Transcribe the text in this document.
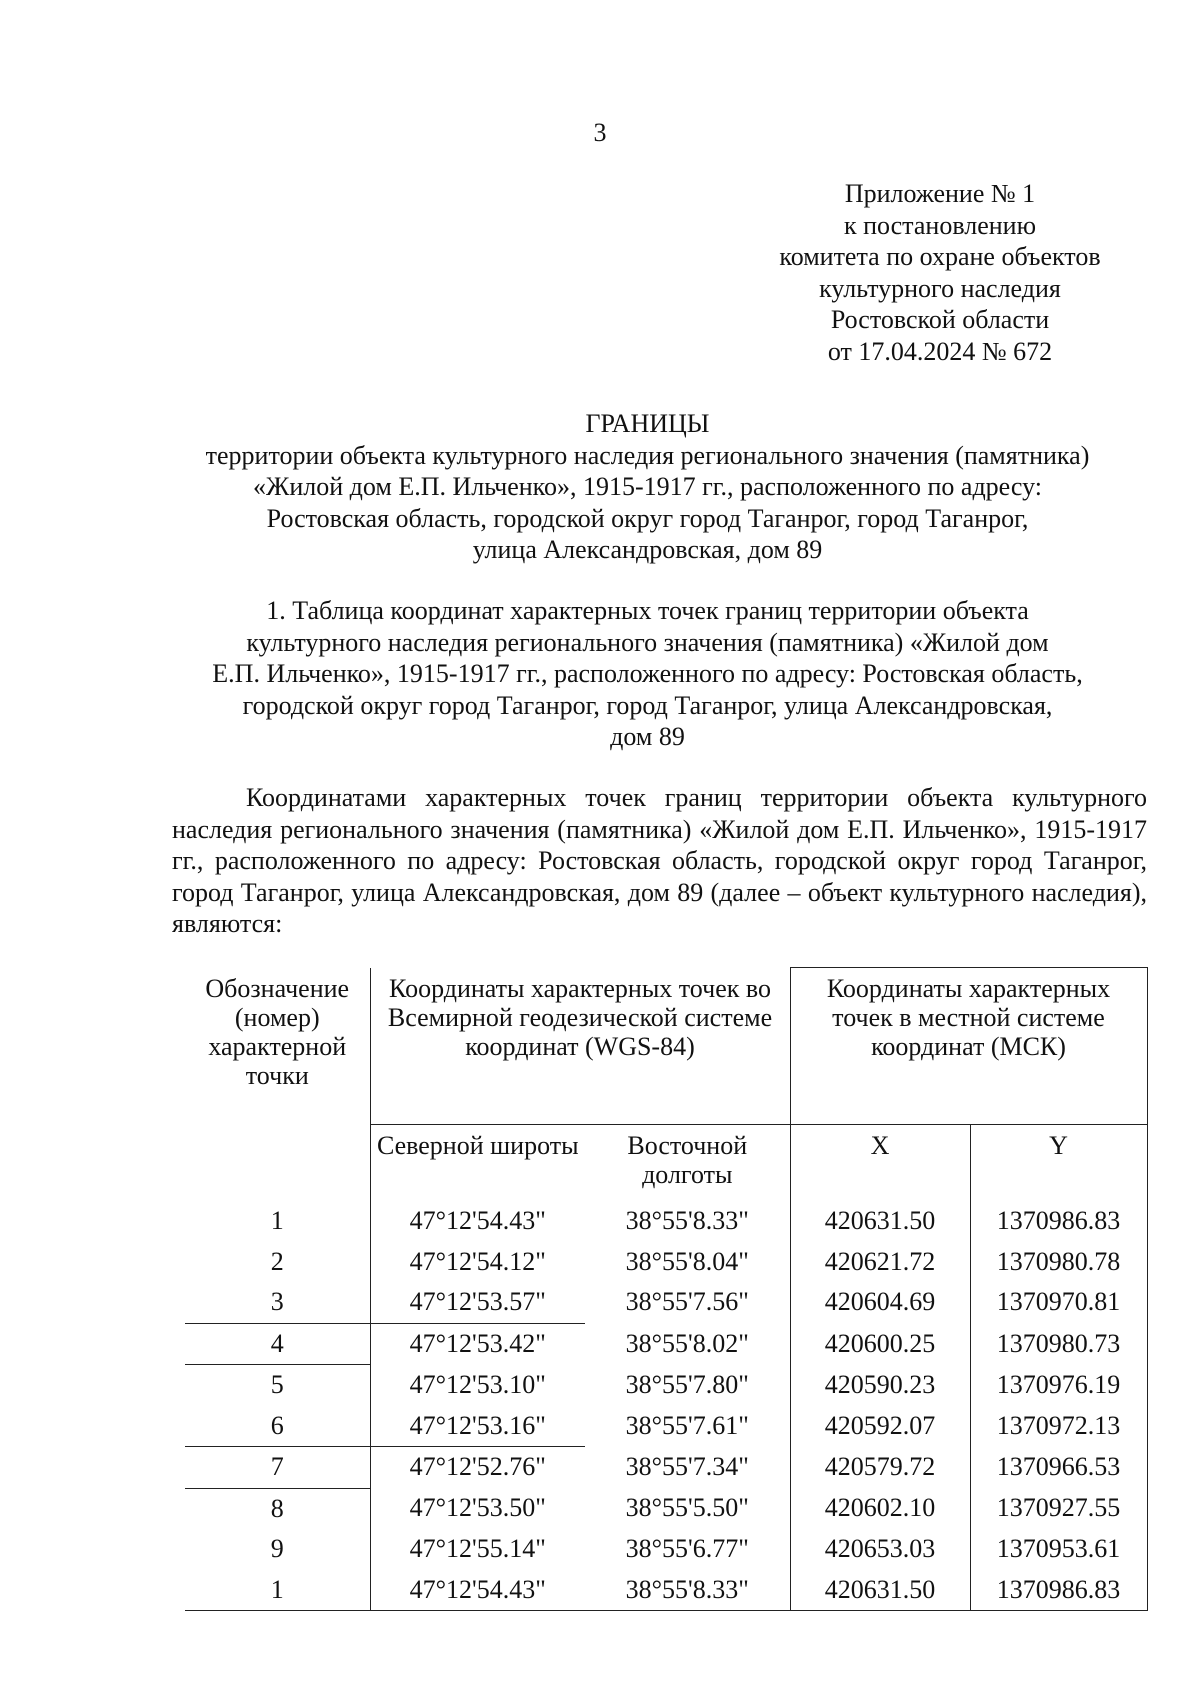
3
Приложение № 1
к постановлению
комитета по охране объектов
культурного наследия
Ростовской области
от 17.04.2024 № 672
ГРАНИЦЫ
территории объекта культурного наследия регионального значения (памятника)
«Жилой дом Е.П. Ильченко», 1915-1917 гг., расположенного по адресу:
Ростовская область, городской округ город Таганрог, город Таганрог,
улица Александровская, дом 89
1. Таблица координат характерных точек границ территории объекта
культурного наследия регионального значения (памятника) «Жилой дом
Е.П. Ильченко», 1915-1917 гг., расположенного по адресу: Ростовская область,
городской округ город Таганрог, город Таганрог, улица Александровская,
дом 89

Координатами характерных точек границ территории объекта культурного наследия регионального значения (памятника) «Жилой дом Е.П. Ильченко», 1915-1917 гг., расположенного по адресу: Ростовская область, городской округ город Таганрог, город Таганрог, улица Александровская, дом 89 (далее – объект культурного наследия), являются:

Обозначение (номер) характерной точки	Координаты характерных точек во Всемирной геодезической системе координат (WGS-84)		Координаты характерных точек в местной системе координат (МСК)	
	Северной широты	Восточной долготы	X	Y
1	47°12'54.43"	38°55'8.33"	420631.50	1370986.83
2	47°12'54.12"	38°55'8.04"	420621.72	1370980.78
3	47°12'53.57"	38°55'7.56"	420604.69	1370970.81
4	47°12'53.42"	38°55'8.02"	420600.25	1370980.73
5	47°12'53.10"	38°55'7.80"	420590.23	1370976.19
6	47°12'53.16"	38°55'7.61"	420592.07	1370972.13
7	47°12'52.76"	38°55'7.34"	420579.72	1370966.53
8	47°12'53.50"	38°55'5.50"	420602.10	1370927.55
9	47°12'55.14"	38°55'6.77"	420653.03	1370953.61
1	47°12'54.43"	38°55'8.33"	420631.50	1370986.83
